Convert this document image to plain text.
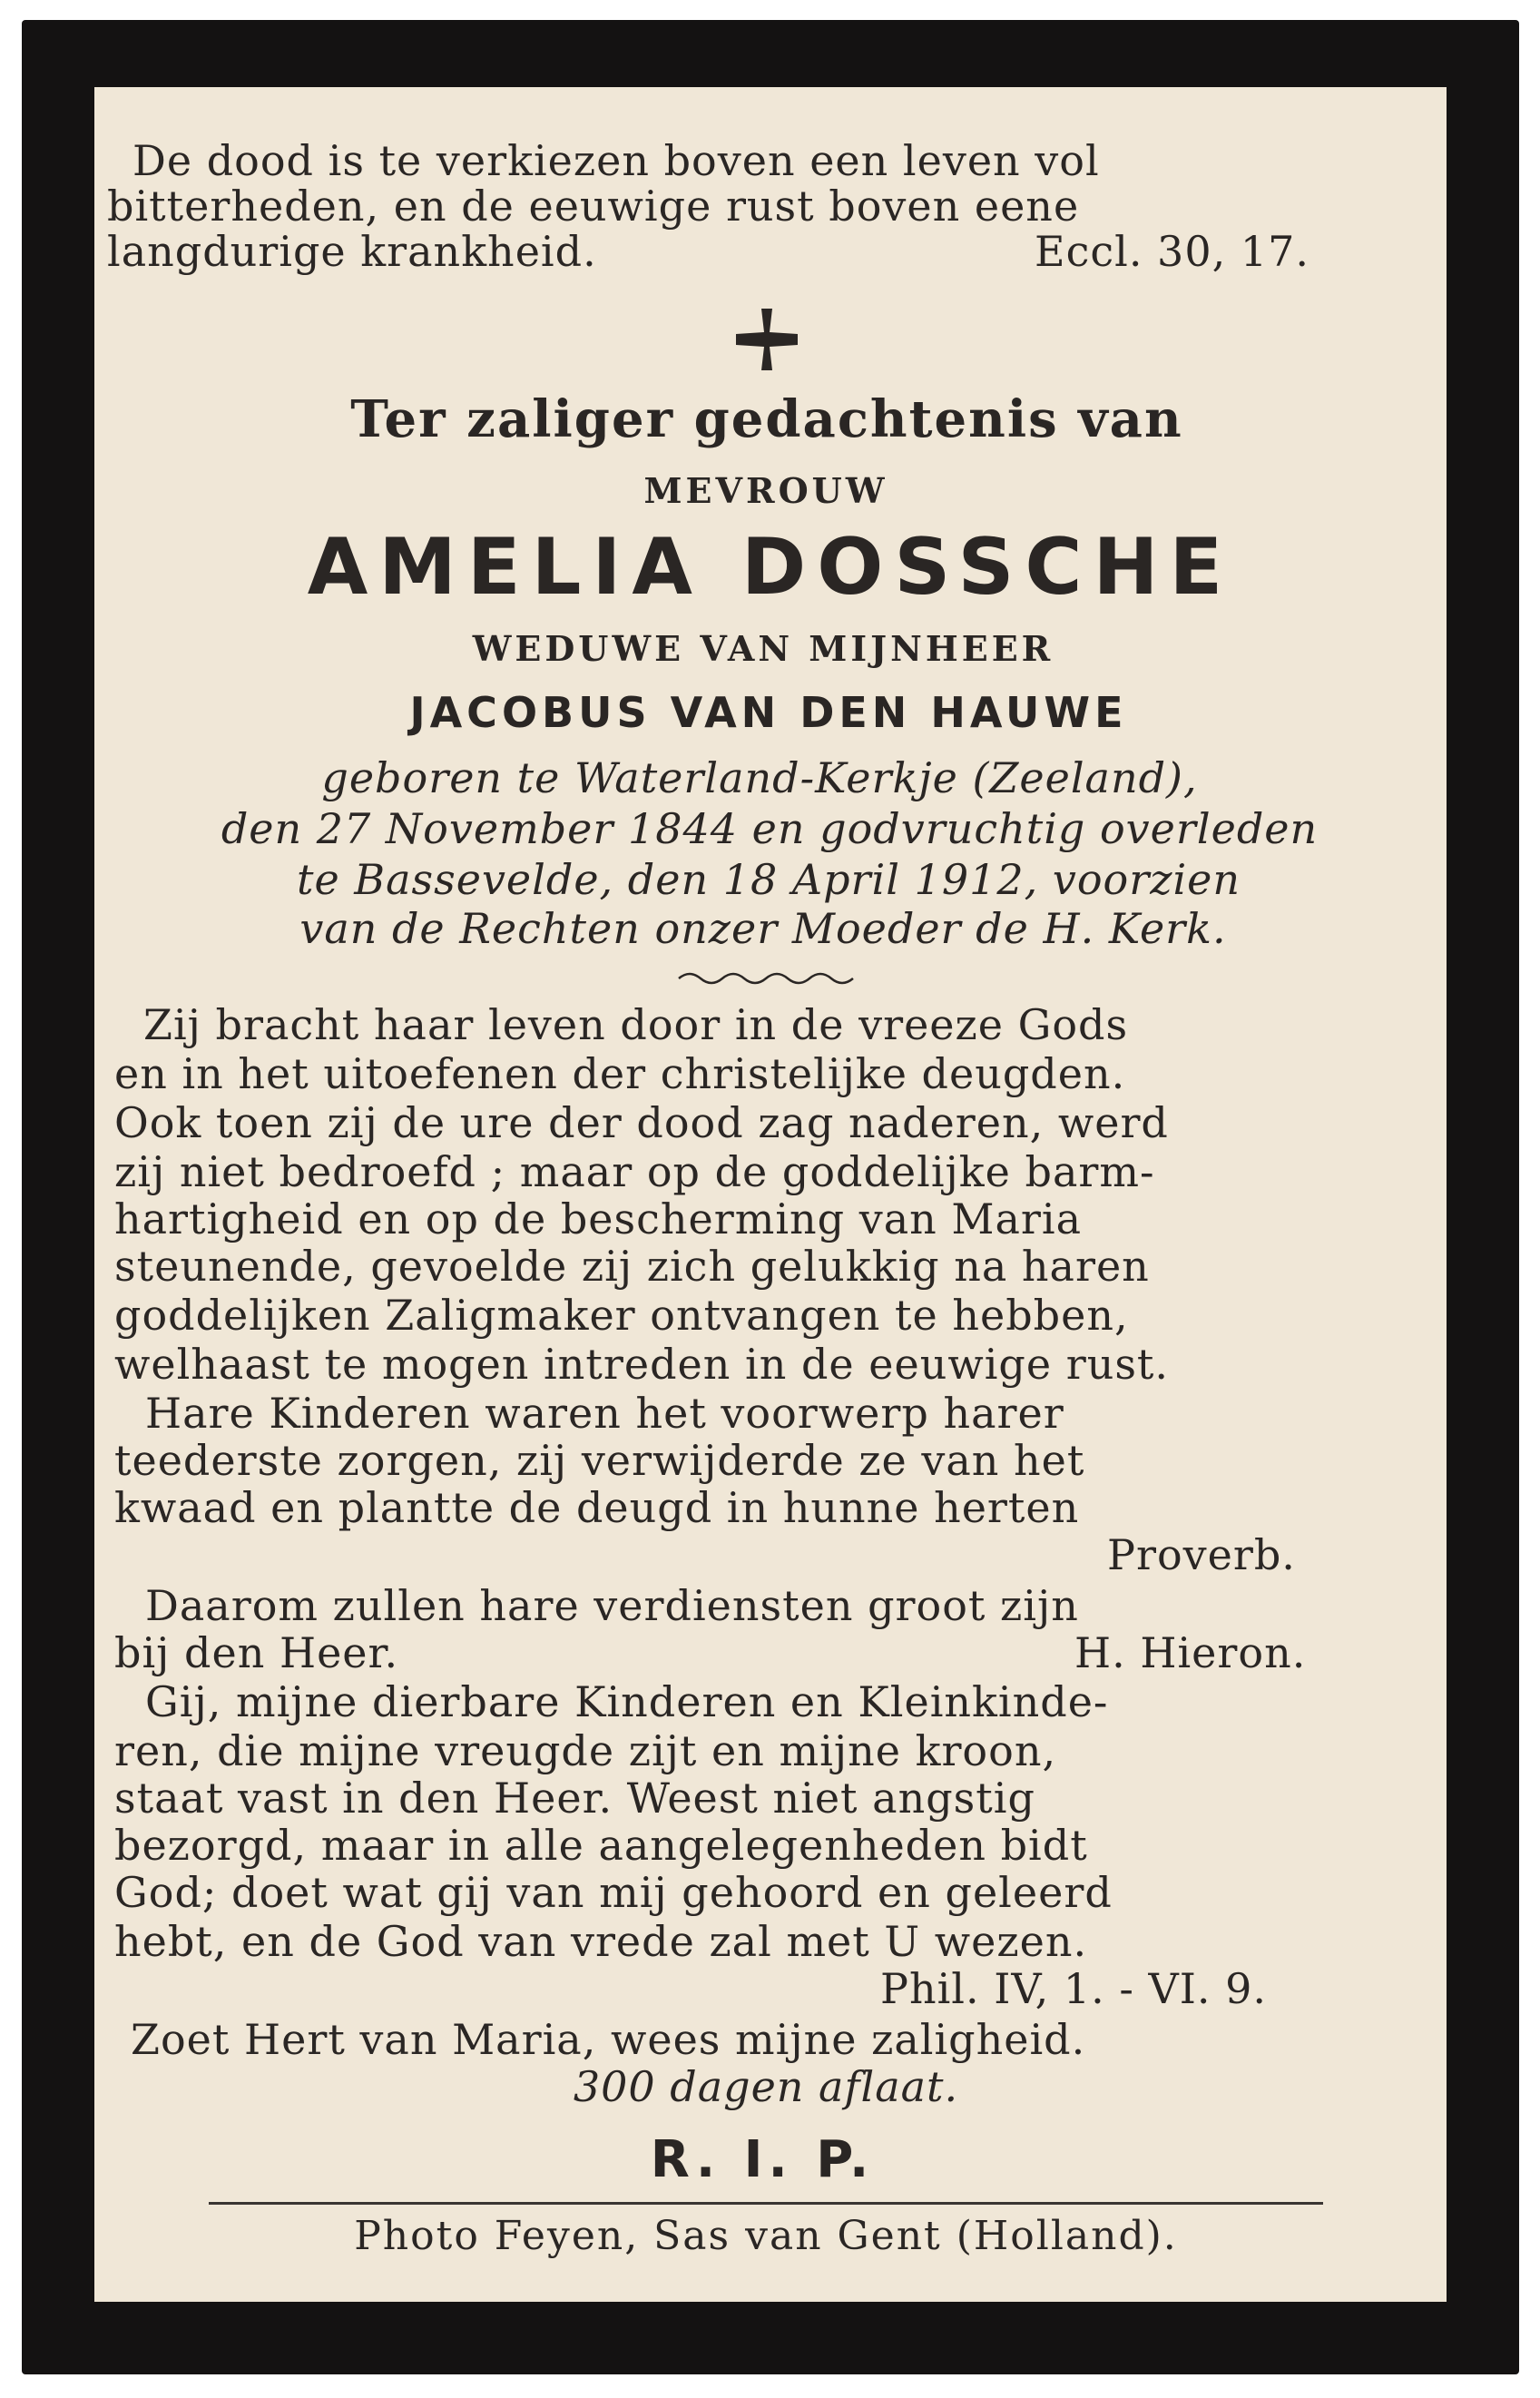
De dood is te verkiezen boven een leven vol

bitterheden, en de eeuwige rust boven eene

langdurige krankheid.	Eccl. 30, 17.

Ter zaliger gedachtenis van

MEVROUW

AMELIA DOSSCHE

WEDUWE VAN MIJNHEER

JACOBUS VAN DEN HAUWE

geboren te Waterland-Kerkje (Zeeland),

den 27 November 1844 en godvruchtig overleden

te Bassevelde, den 18 April 1912, voorzien

van de Rechten onzer Moeder de H. Kerk.

Zij bracht haar leven door in de vreeze Gods

en in het uitoefenen der christelijke deugden.

Ook toen zij de ure der dood zag naderen, werd

zij niet bedroefd ; maar op de goddelijke barm-

hartigheid en op de bescherming van Maria

steunende, gevoelde zij zich gelukkig na haren

goddelijken Zaligmaker ontvangen te hebben,

welhaast te mogen intreden in de eeuwige rust.

Hare Kinderen waren het voorwerp harer

teederste zorgen, zij verwijderde ze van het

kwaad en plantte de deugd in hunne herten

Proverb.

Daarom zullen hare verdiensten groot zijn

bij den Heer.	H. Hieron.

Gij, mijne dierbare Kinderen en Kleinkinde-

ren, die mijne vreugde zijt en mijne kroon,

staat vast in den Heer. Weest niet angstig

bezorgd, maar in alle aangelegenheden bidt

God; doet wat gij van mij gehoord en geleerd

hebt, en de God van vrede zal met U wezen.

Phil. IV, 1. - VI. 9.

Zoet Hert van Maria, wees mijne zaligheid.

300 dagen aflaat.

R. I. P.

Photo Feyen, Sas van Gent (Holland).
